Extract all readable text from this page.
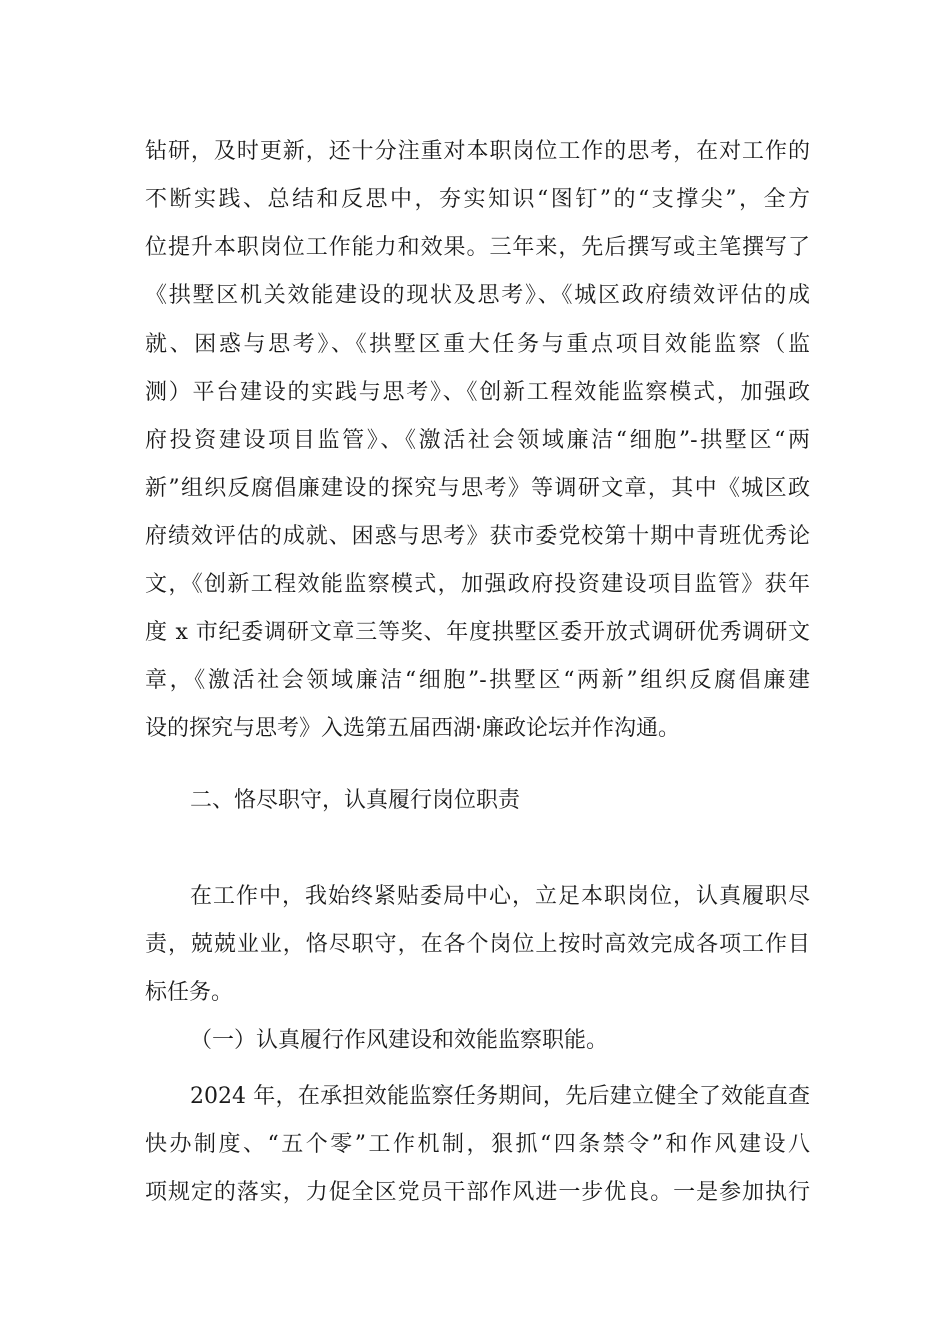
钻研，及时更新，还十分注重对本职岗位工作的思考，在对工作的
不断实践、总结和反思中，夯实知识“图钉”的“支撑尖”，全方
位提升本职岗位工作能力和效果。三年来，先后撰写或主笔撰写了
《拱墅区机关效能建设的现状及思考》、《城区政府绩效评估的成
就、困惑与思考》、《拱墅区重大任务与重点项目效能监察（监
测）平台建设的实践与思考》、《创新工程效能监察模式，加强政
府投资建设项目监管》、《激活社会领域廉洁“细胞”-拱墅区“两
新”组织反腐倡廉建设的探究与思考》等调研文章，其中《城区政
府绩效评估的成就、困惑与思考》获市委党校第十期中青班优秀论
文，《创新工程效能监察模式，加强政府投资建设项目监管》获年
度 x 市纪委调研文章三等奖、年度拱墅区委开放式调研优秀调研文
章，《激活社会领域廉洁“细胞”-拱墅区“两新”组织反腐倡廉建
设的探究与思考》入选第五届西湖·廉政论坛并作沟通。
二、恪尽职守，认真履行岗位职责
在工作中，我始终紧贴委局中心，立足本职岗位，认真履职尽
责，兢兢业业，恪尽职守，在各个岗位上按时高效完成各项工作目
标任务。
（一）认真履行作风建设和效能监察职能。
2024 年，在承担效能监察任务期间，先后建立健全了效能直查
快办制度、“五个零”工作机制，狠抓“四条禁令”和作风建设八
项规定的落实，力促全区党员干部作风进一步优良。一是参加执行
